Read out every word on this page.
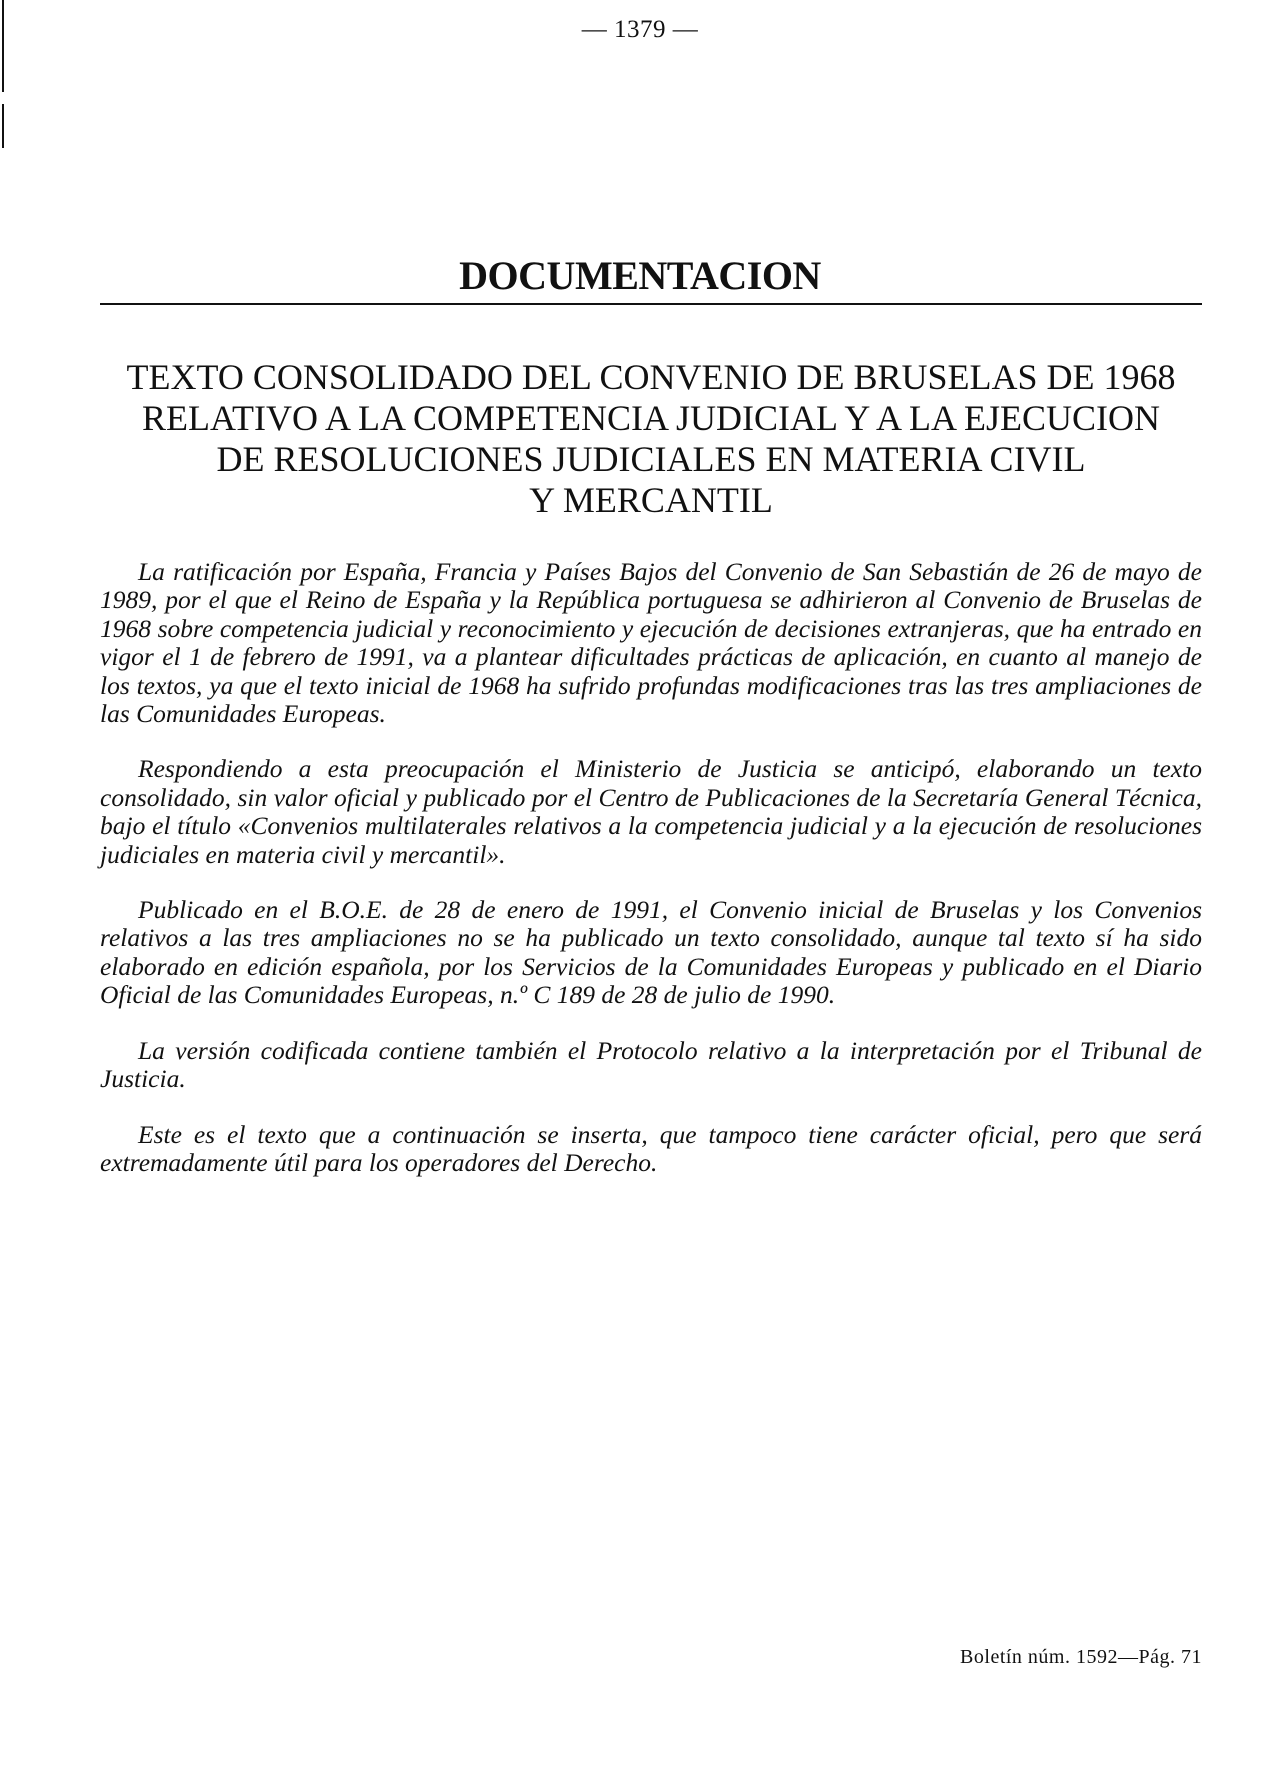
— 1379 —
DOCUMENTACION
TEXTO CONSOLIDADO DEL CONVENIO DE BRUSELAS DE 1968
RELATIVO A LA COMPETENCIA JUDICIAL Y A LA EJECUCION
DE RESOLUCIONES JUDICIALES EN MATERIA CIVIL
Y MERCANTIL

La ratificación por España, Francia y Países Bajos del Convenio de San Sebastián de 26 de mayo de 1989, por el que el Reino de España y la República portuguesa se adhirieron al Convenio de Bruselas de 1968 sobre competencia judicial y reconocimiento y ejecución de decisiones extranjeras, que ha entrado en vigor el 1 de febrero de 1991, va a plantear dificultades prácticas de aplicación, en cuanto al manejo de los textos, ya que el texto inicial de 1968 ha sufrido profundas modificaciones tras las tres ampliaciones de las Comunidades Europeas.

Respondiendo a esta preocupación el Ministerio de Justicia se anticipó, elaborando un texto consolidado, sin valor oficial y publicado por el Centro de Publicaciones de la Secretaría General Técnica, bajo el título «Convenios multilaterales relativos a la competencia judicial y a la ejecución de resoluciones judiciales en materia civil y mercantil».

Publicado en el B.O.E. de 28 de enero de 1991, el Convenio inicial de Bruselas y los Convenios relativos a las tres ampliaciones no se ha publicado un texto consolidado, aunque tal texto sí ha sido elaborado en edición española, por los Servicios de la Comunidades Europeas y publicado en el Diario Oficial de las Comunidades Europeas, n.º C 189 de 28 de julio de 1990.

La versión codificada contiene también el Protocolo relativo a la interpretación por el Tribunal de Justicia.

Este es el texto que a continuación se inserta, que tampoco tiene carácter oficial, pero que será extremadamente útil para los operadores del Derecho.

Boletín núm. 1592—Pág. 71
